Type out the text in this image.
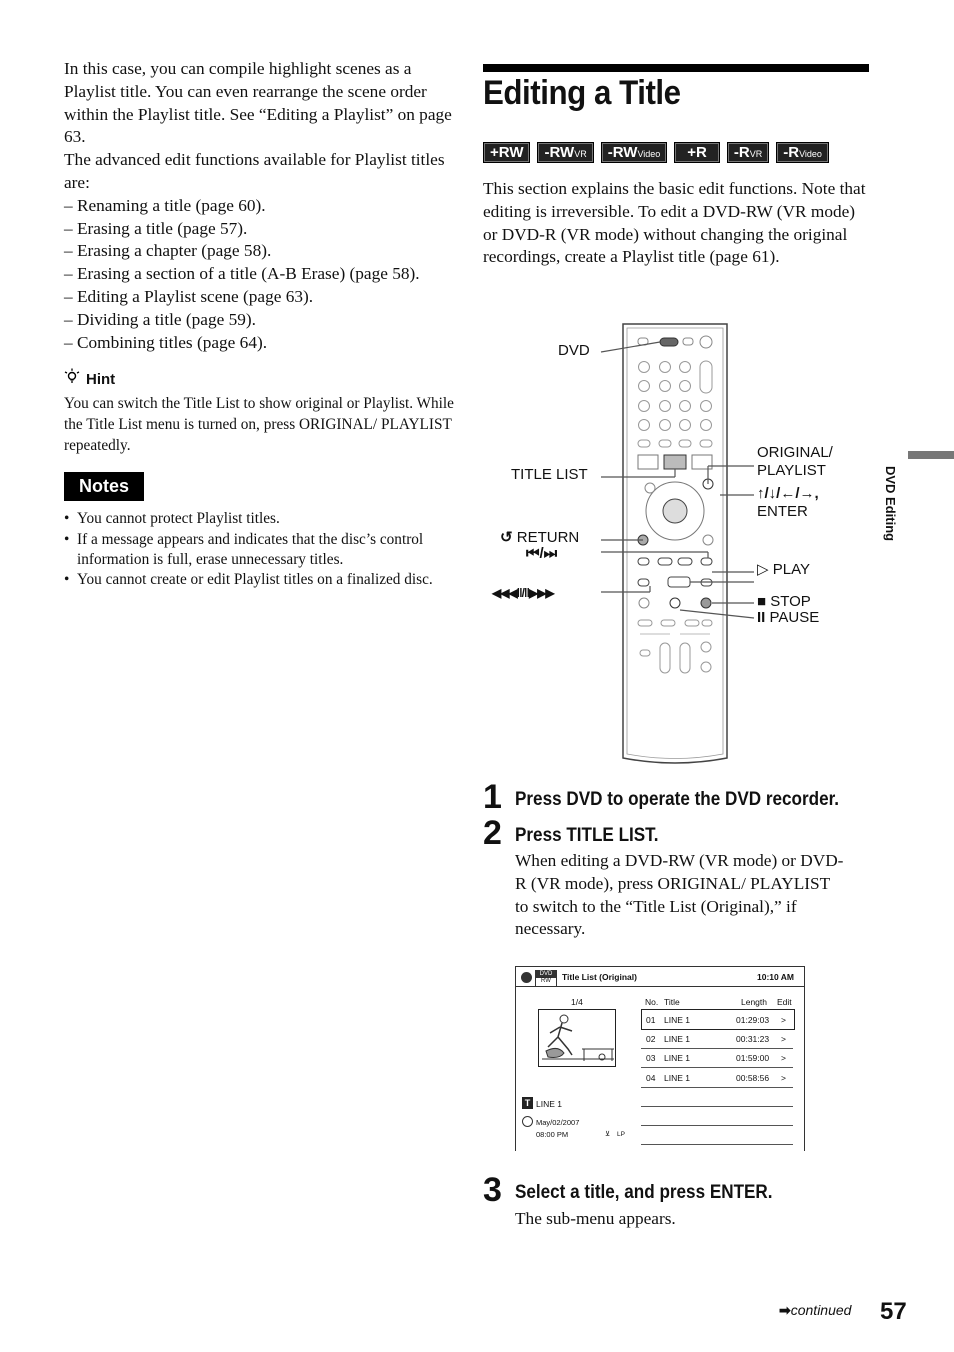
In this case, you can compile highlight scenes as a Playlist title. You can even rearrange the scene order within the Playlist title. See “Editing a Playlist” on page 63.

The advanced edit functions available for Playlist titles are:

– Renaming a title (page 60).

– Erasing a title (page 57).

– Erasing a chapter (page 58).

– Erasing a section of a title (A-B Erase) (page 58).

– Editing a Playlist scene (page 63).

– Dividing a title (page 59).

– Combining titles (page 64).

Hint
You can switch the Title List to show original or Playlist. While the Title List menu is turned on, press ORIGINAL/ PLAYLIST repeatedly.
Notes
• You cannot protect Playlist titles.
• If a message appears and indicates that the disc’s control information is full, erase unnecessary titles.
• You cannot create or edit Playlist titles on a finalized disc.
Editing a Title
+RW	-RWVR	-RWVideo	+R	-RVR	-RVideo
This section explains the basic edit functions. Note that editing is irreversible. To edit a DVD-RW (VR mode) or DVD-R (VR mode) without changing the original recordings, create a Playlist title (page 61).
DVD
TITLE LIST
ORIGINAL/
PLAYLIST
↑/↓/←/→,
ENTER
↺ RETURN
⏮/⏭
◀◀◀‖/‖▶▶▶
▷ PLAY
■ STOP
II PAUSE
1 Press DVD to operate the DVD recorder.
2 Press TITLE LIST.
When editing a DVD-RW (VR mode) or DVD-R (VR mode), press ORIGINAL/ PLAYLIST to switch to the “Title List (Original),” if necessary.
DVD
RW	Title List (Original)	10:10 AM
1/4	No. Title	Length Edit
01 LINE 1	01:29:03 >
02 LINE 1	00:31:23 >
03 LINE 1	01:59:00 >
04 LINE 1	00:58:56 >
T LINE 1
May/02/2007
08:00 PM	⊻ LP
3 Select a title, and press ENTER.
The sub-menu appears.
DVD Editing
➡continued 57
